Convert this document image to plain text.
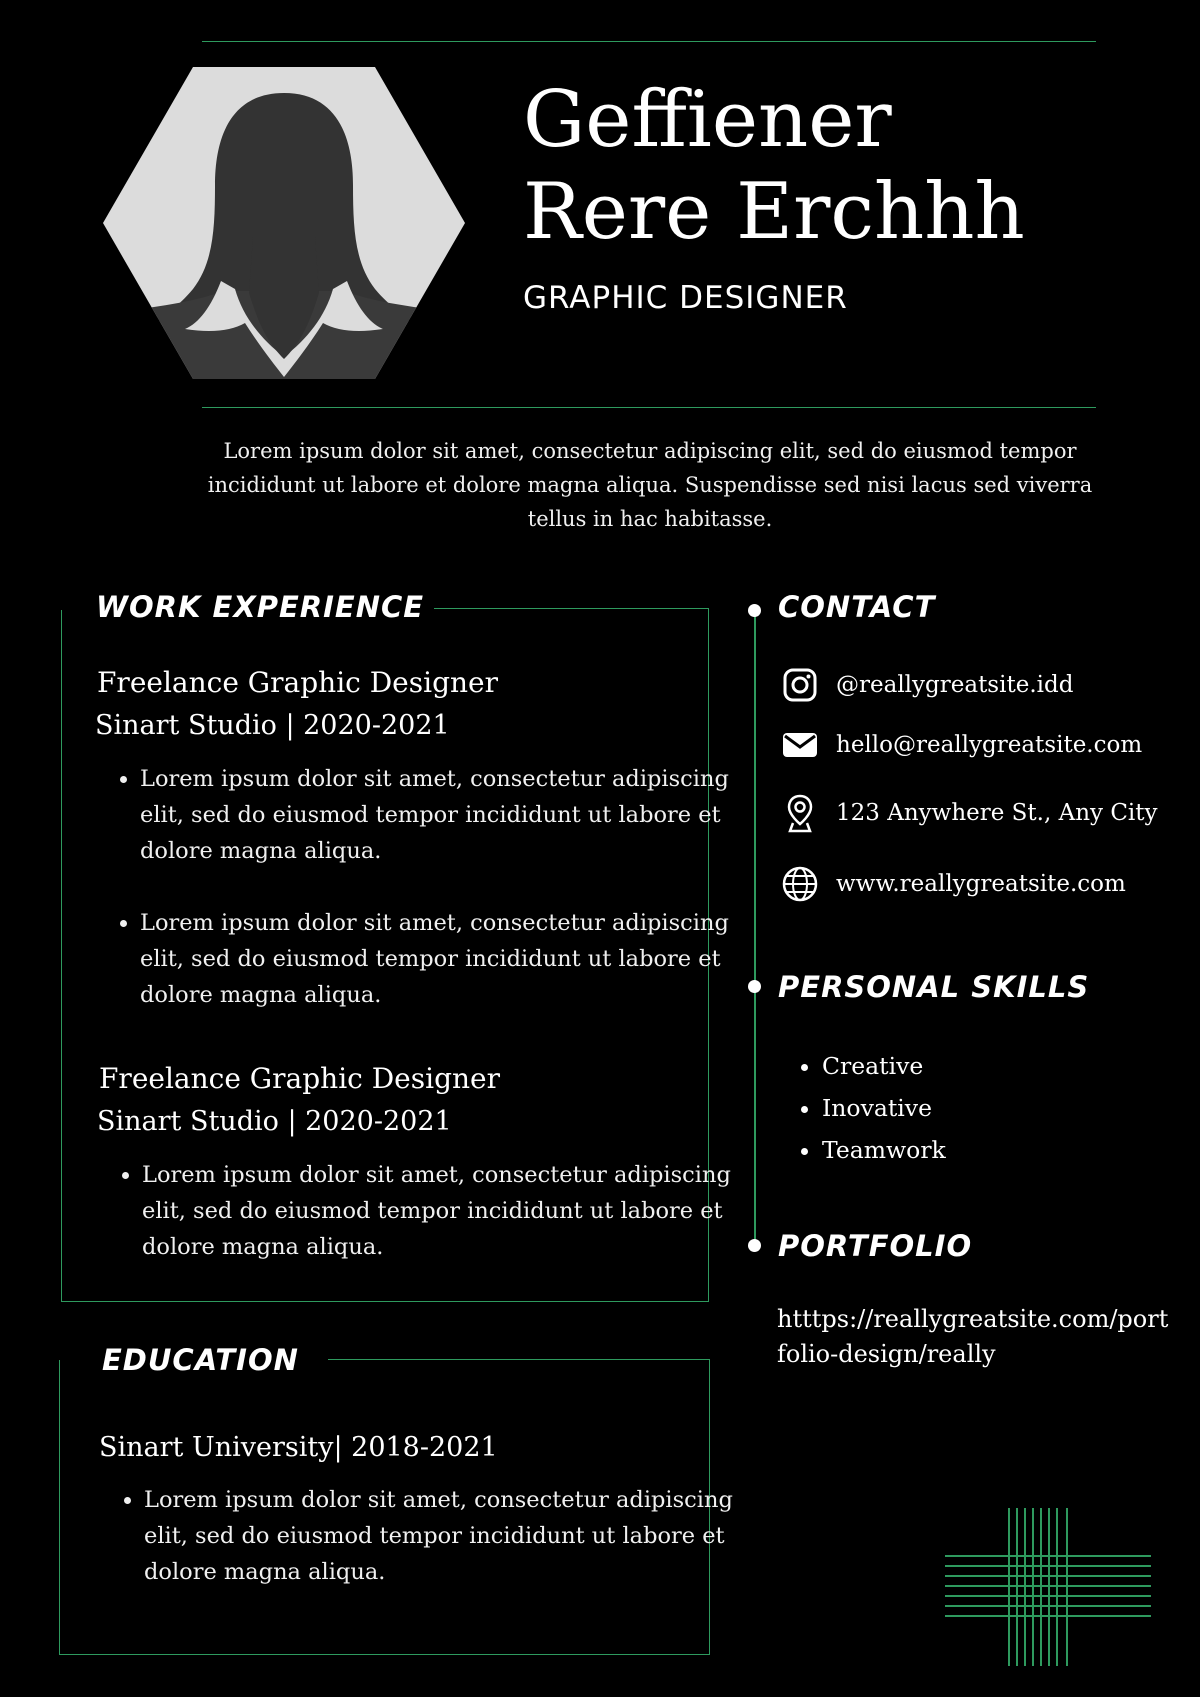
Geffiener
Rere Erchhh
GRAPHIC DESIGNER
Lorem ipsum dolor sit amet, consectetur adipiscing elit, sed do eiusmod tempor incididunt ut labore et dolore magna aliqua. Suspendisse sed nisi lacus sed viverra tellus in hac habitasse.
WORK EXPERIENCE
Freelance Graphic Designer
Sinart Studio | 2020-2021
• Lorem ipsum dolor sit amet, consectetur adipiscing elit, sed do eiusmod tempor incididunt ut labore et dolore magna aliqua.
• Lorem ipsum dolor sit amet, consectetur adipiscing elit, sed do eiusmod tempor incididunt ut labore et dolore magna aliqua.
Freelance Graphic Designer
Sinart Studio | 2020-2021
• Lorem ipsum dolor sit amet, consectetur adipiscing elit, sed do eiusmod tempor incididunt ut labore et dolore magna aliqua.
EDUCATION
Sinart University| 2018-2021
• Lorem ipsum dolor sit amet, consectetur adipiscing elit, sed do eiusmod tempor incididunt ut labore et dolore magna aliqua.
CONTACT
@reallygreatsite.idd
hello@reallygreatsite.com
123 Anywhere St., Any City
www.reallygreatsite.com
PERSONAL SKILLS
• Creative
• Inovative
• Teamwork
PORTFOLIO
htttps://reallygreatsite.com/portfolio-design/really
